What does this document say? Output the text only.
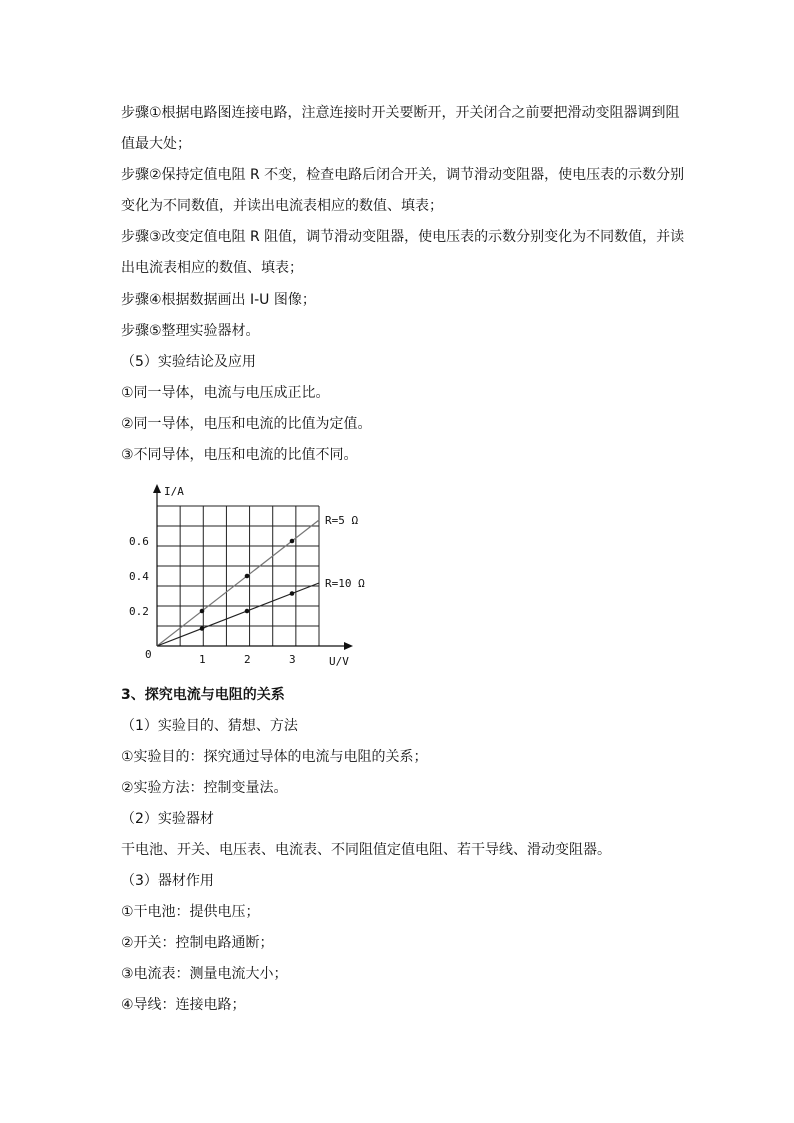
步骤①根据电路图连接电路，注意连接时开关要断开，开关闭合之前要把滑动变阻器调到阻
值最大处；
步骤②保持定值电阻 R 不变，检查电路后闭合开关，调节滑动变阻器，使电压表的示数分别
变化为不同数值，并读出电流表相应的数值、填表；
步骤③改变定值电阻 R 阻值，调节滑动变阻器，使电压表的示数分别变化为不同数值，并读
出电流表相应的数值、填表；
步骤④根据数据画出 I-U 图像；
步骤⑤整理实验器材。
（5）实验结论及应用
①同一导体，电流与电压成正比。
②同一导体，电压和电流的比值为定值。
③不同导体，电压和电流的比值不同。
I/A
U/V
0	1	2	3
0.2
0.4
0.6
R=5 Ω
R=10 Ω
3、探究电流与电阻的关系
（1）实验目的、猜想、方法
①实验目的：探究通过导体的电流与电阻的关系；
②实验方法：控制变量法。
（2）实验器材
干电池、开关、电压表、电流表、不同阻值定值电阻、若干导线、滑动变阻器。
（3）器材作用
①干电池：提供电压；
②开关：控制电路通断；
③电流表：测量电流大小；
④导线：连接电路；
